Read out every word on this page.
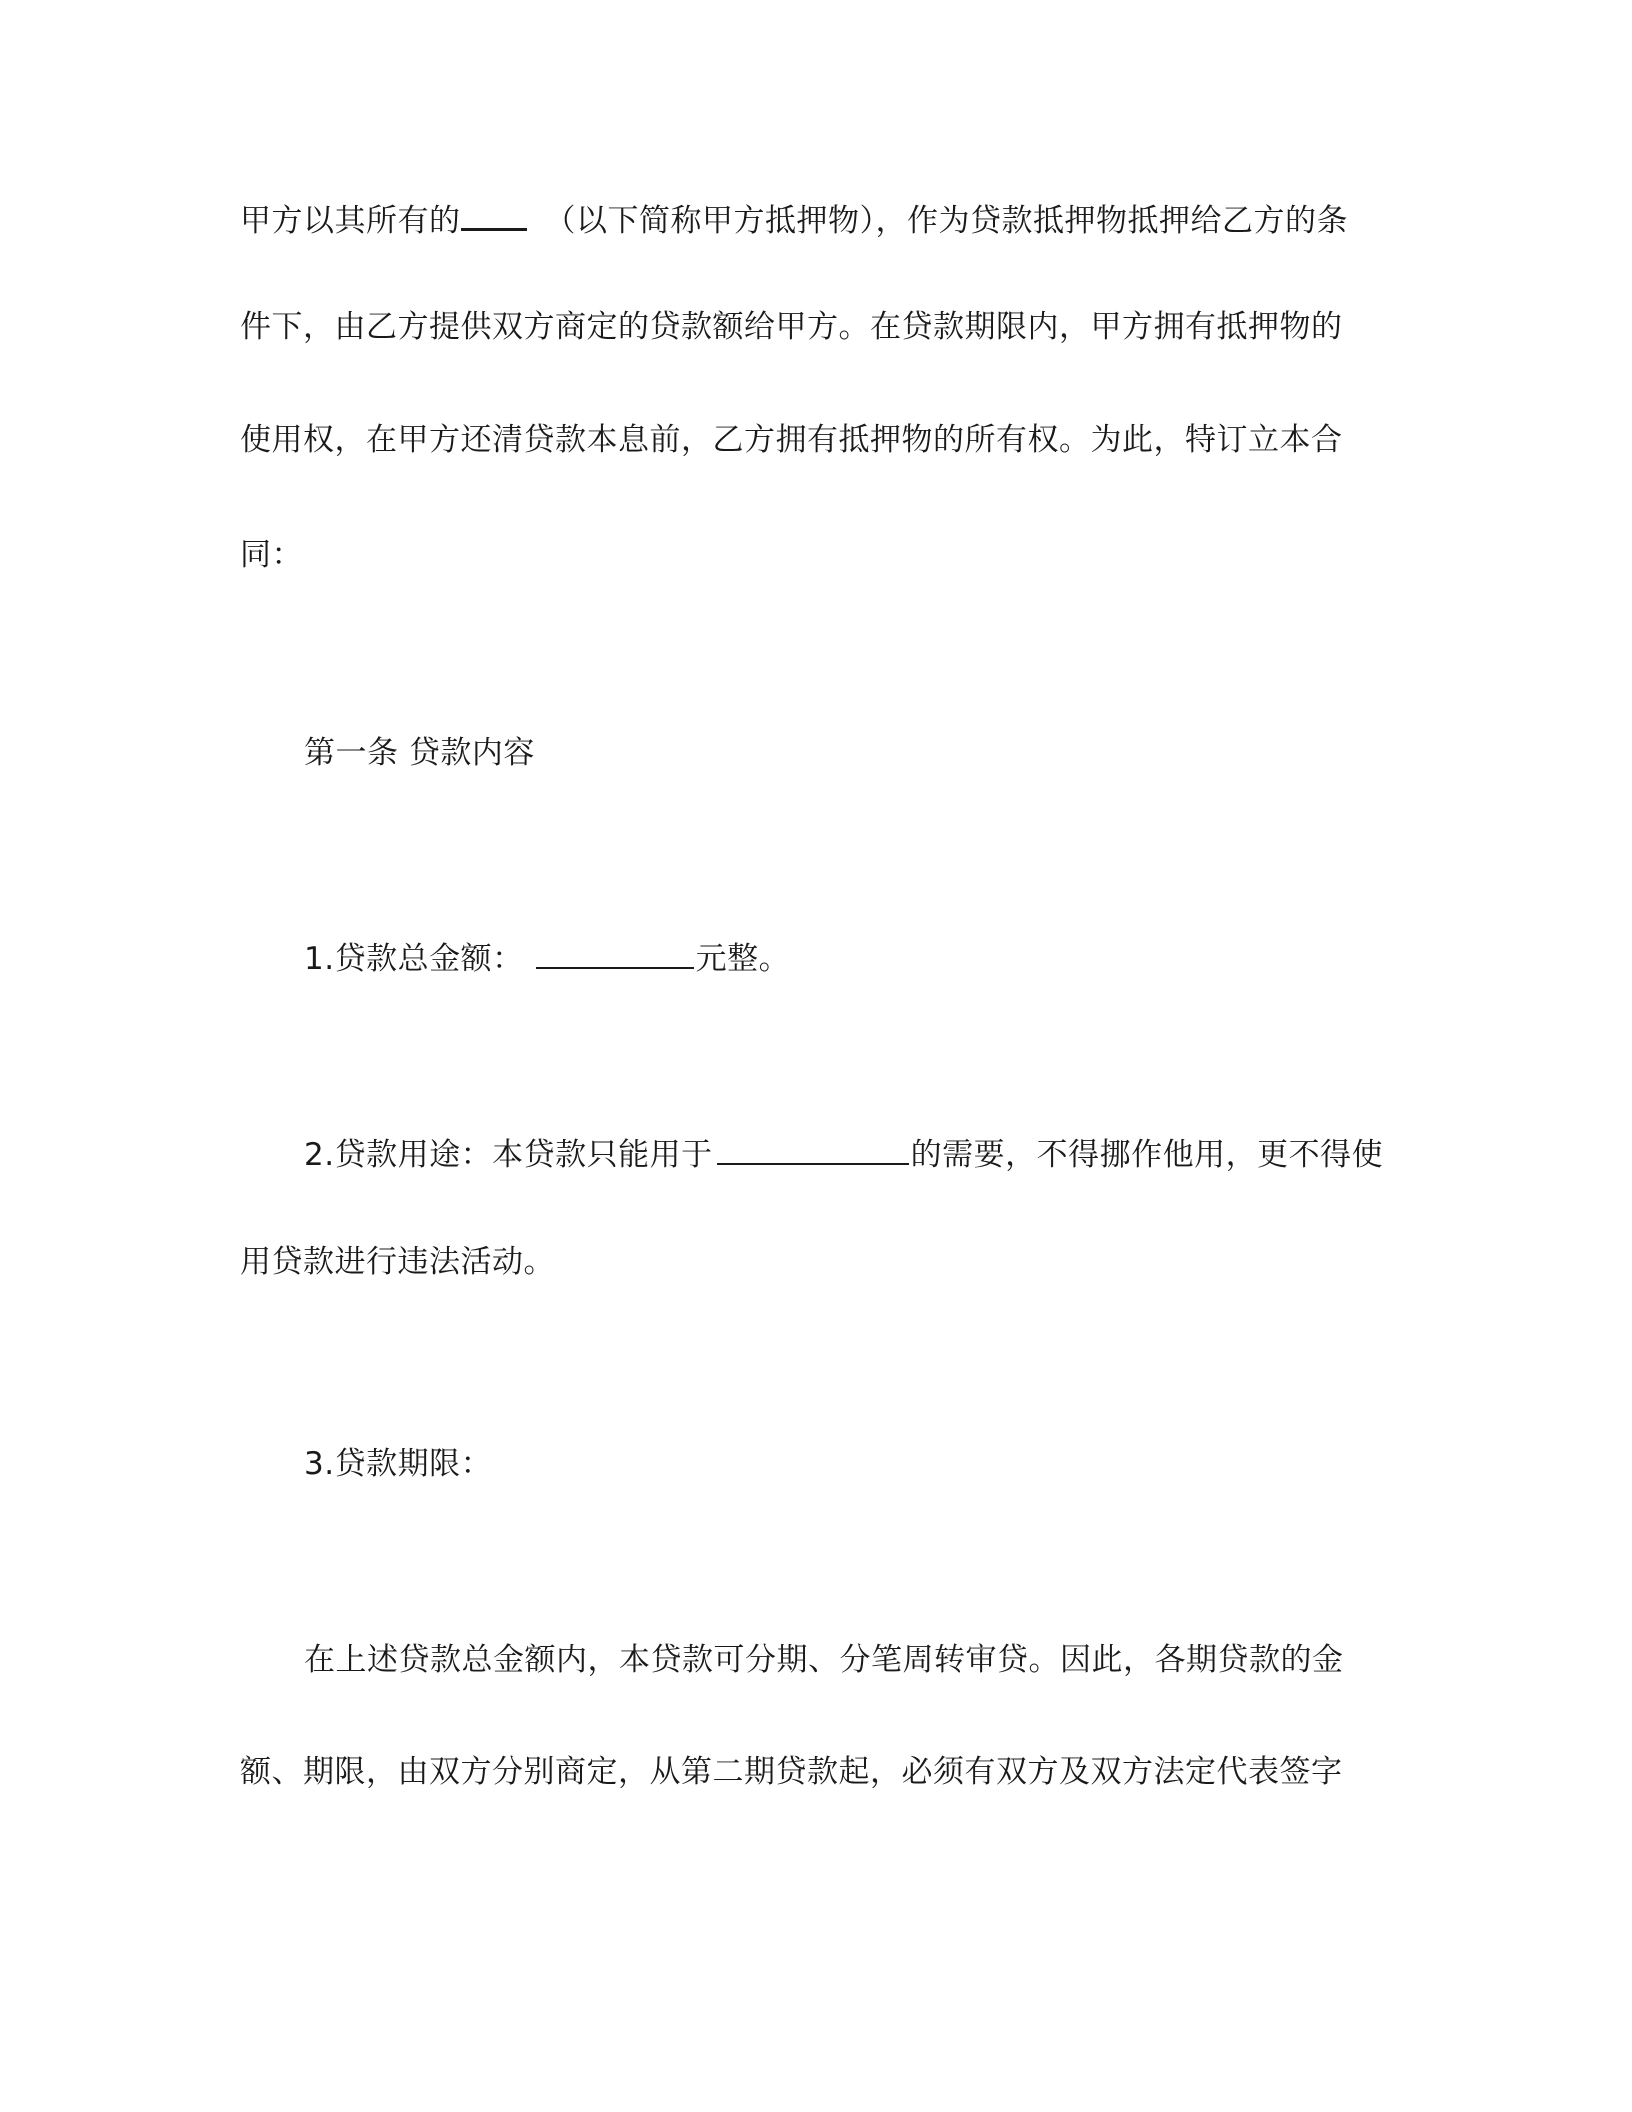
甲方以其所有的	（以下简称甲方抵押物），作为贷款抵押物抵押给乙方的条
件下，由乙方提供双方商定的贷款额给甲方。在贷款期限内，甲方拥有抵押物的
使用权，在甲方还清贷款本息前，乙方拥有抵押物的所有权。为此，特订立本合
同：
第一条 贷款内容
1.贷款总金额：	元整。
2.贷款用途：本贷款只能用于	的需要，不得挪作他用，更不得使
用贷款进行违法活动。
3.贷款期限：
在上述贷款总金额内，本贷款可分期、分笔周转审贷。因此，各期贷款的金
额、期限，由双方分别商定，从第二期贷款起，必须有双方及双方法定代表签字
